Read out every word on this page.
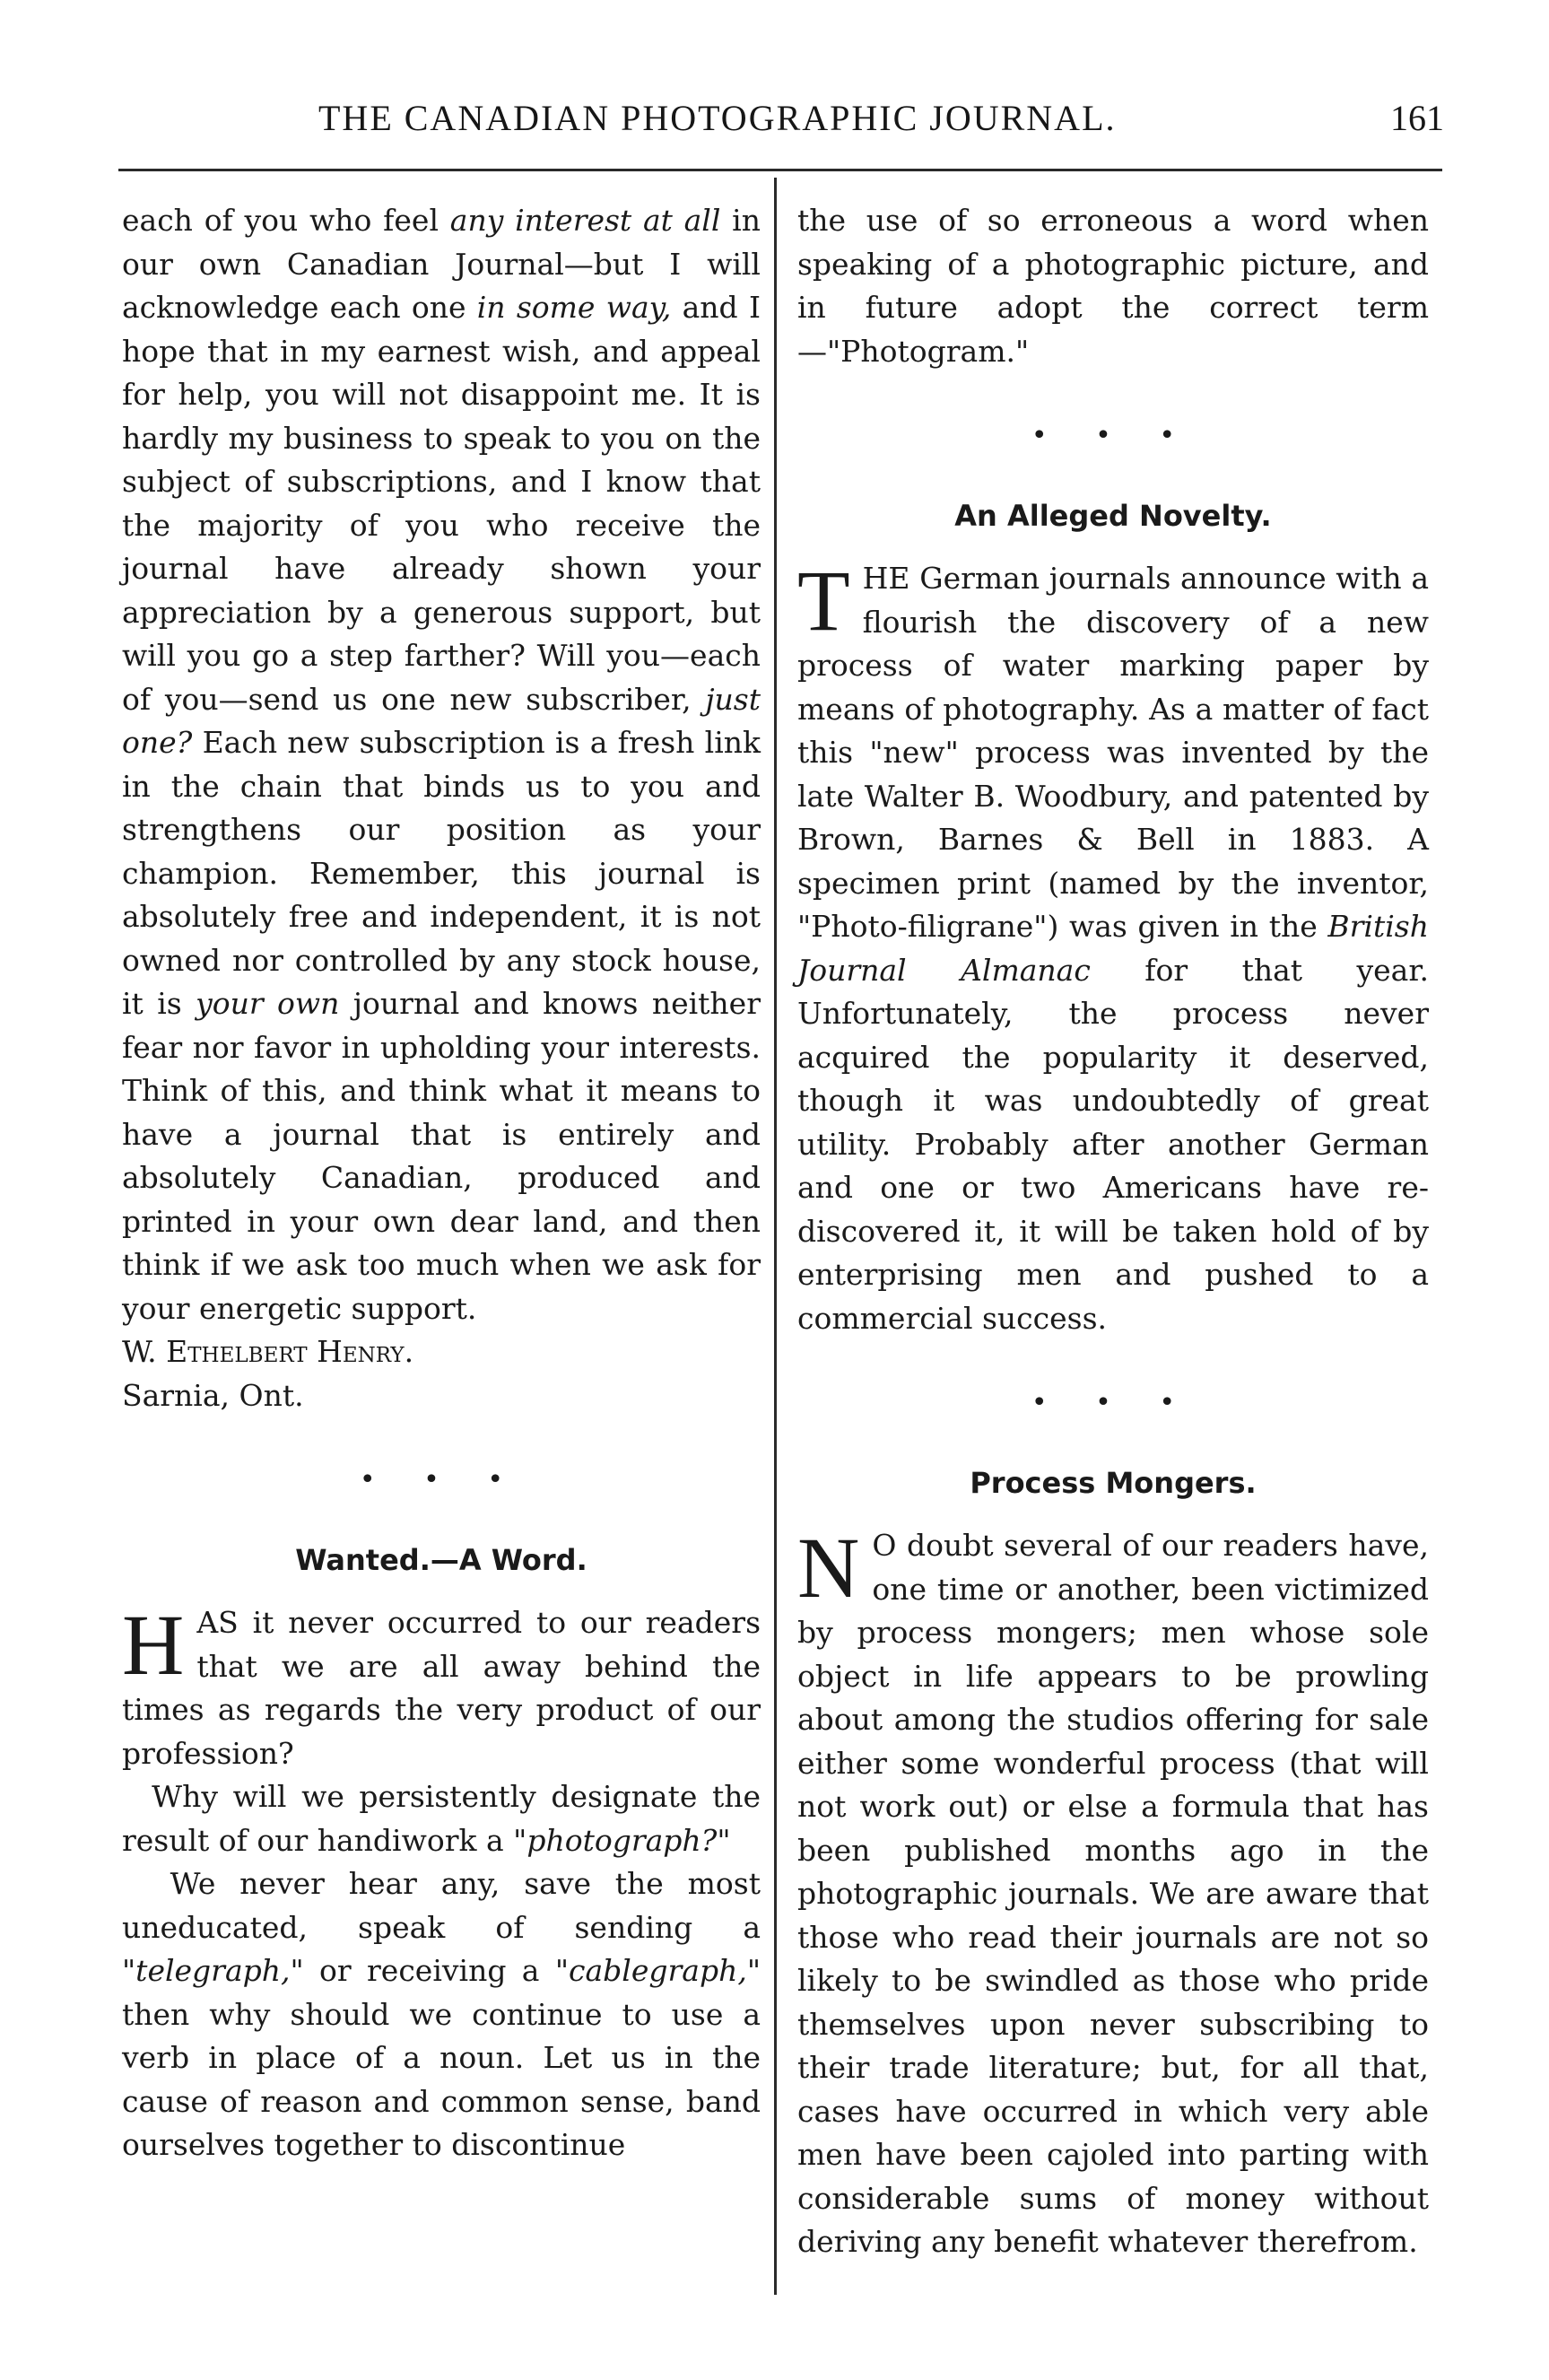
THE CANADIAN PHOTOGRAPHIC JOURNAL.	161

each of you who feel any interest at all in our own Canadian Journal—but I will acknowledge each one in some way, and I hope that in my earnest wish, and appeal for help, you will not disappoint me. It is hardly my business to speak to you on the subject of subscriptions, and I know that the majority of you who receive the journal have already shown your appreciation by a generous support, but will you go a step farther? Will you—each of you—send us one new subscriber, just one? Each new subscription is a fresh link in the chain that binds us to you and strengthens our position as your champion. Remember, this journal is absolutely free and independent, it is not owned nor controlled by any stock house, it is your own journal and knows neither fear nor favor in upholding your interests. Think of this, and think what it means to have a journal that is entirely and absolutely Canadian, produced and printed in your own dear land, and then think if we ask too much when we ask for your energetic support.

W. Ethelbert Henry.

Sarnia, Ont.

• • •
Wanted.—A Word.

HAS it never occurred to our readers that we are all away behind the times as regards the very product of our profession?

Why will we persistently designate the result of our handiwork a "photograph?"

We never hear any, save the most uneducated, speak of sending a "telegraph," or receiving a "cablegraph," then why should we continue to use a verb in place of a noun. Let us in the cause of reason and common sense, band ourselves together to discontinue

the use of so erroneous a word when speaking of a photographic picture, and in future adopt the correct term—"Photogram."

• • •
An Alleged Novelty.

THE German journals announce with a flourish the discovery of a new process of water marking paper by means of photography. As a matter of fact this "new" process was invented by the late Walter B. Woodbury, and patented by Brown, Barnes & Bell in 1883. A specimen print (named by the inventor, "Photo-filigrane") was given in the British Journal Almanac for that year. Unfortunately, the process never acquired the popularity it deserved, though it was undoubtedly of great utility. Probably after another German and one or two Americans have re-discovered it, it will be taken hold of by enterprising men and pushed to a commercial success.

• • •
Process Mongers.

N O doubt several of our readers have, one time or another, been victimized by process mongers; men whose sole object in life appears to be prowling about among the studios offering for sale either some wonderful process (that will not work out) or else a formula that has been published months ago in the photographic journals. We are aware that those who read their journals are not so likely to be swindled as those who pride themselves upon never subscribing to their trade literature; but, for all that, cases have occurred in which very able men have been cajoled into parting with considerable sums of money without deriving any benefit whatever therefrom.
